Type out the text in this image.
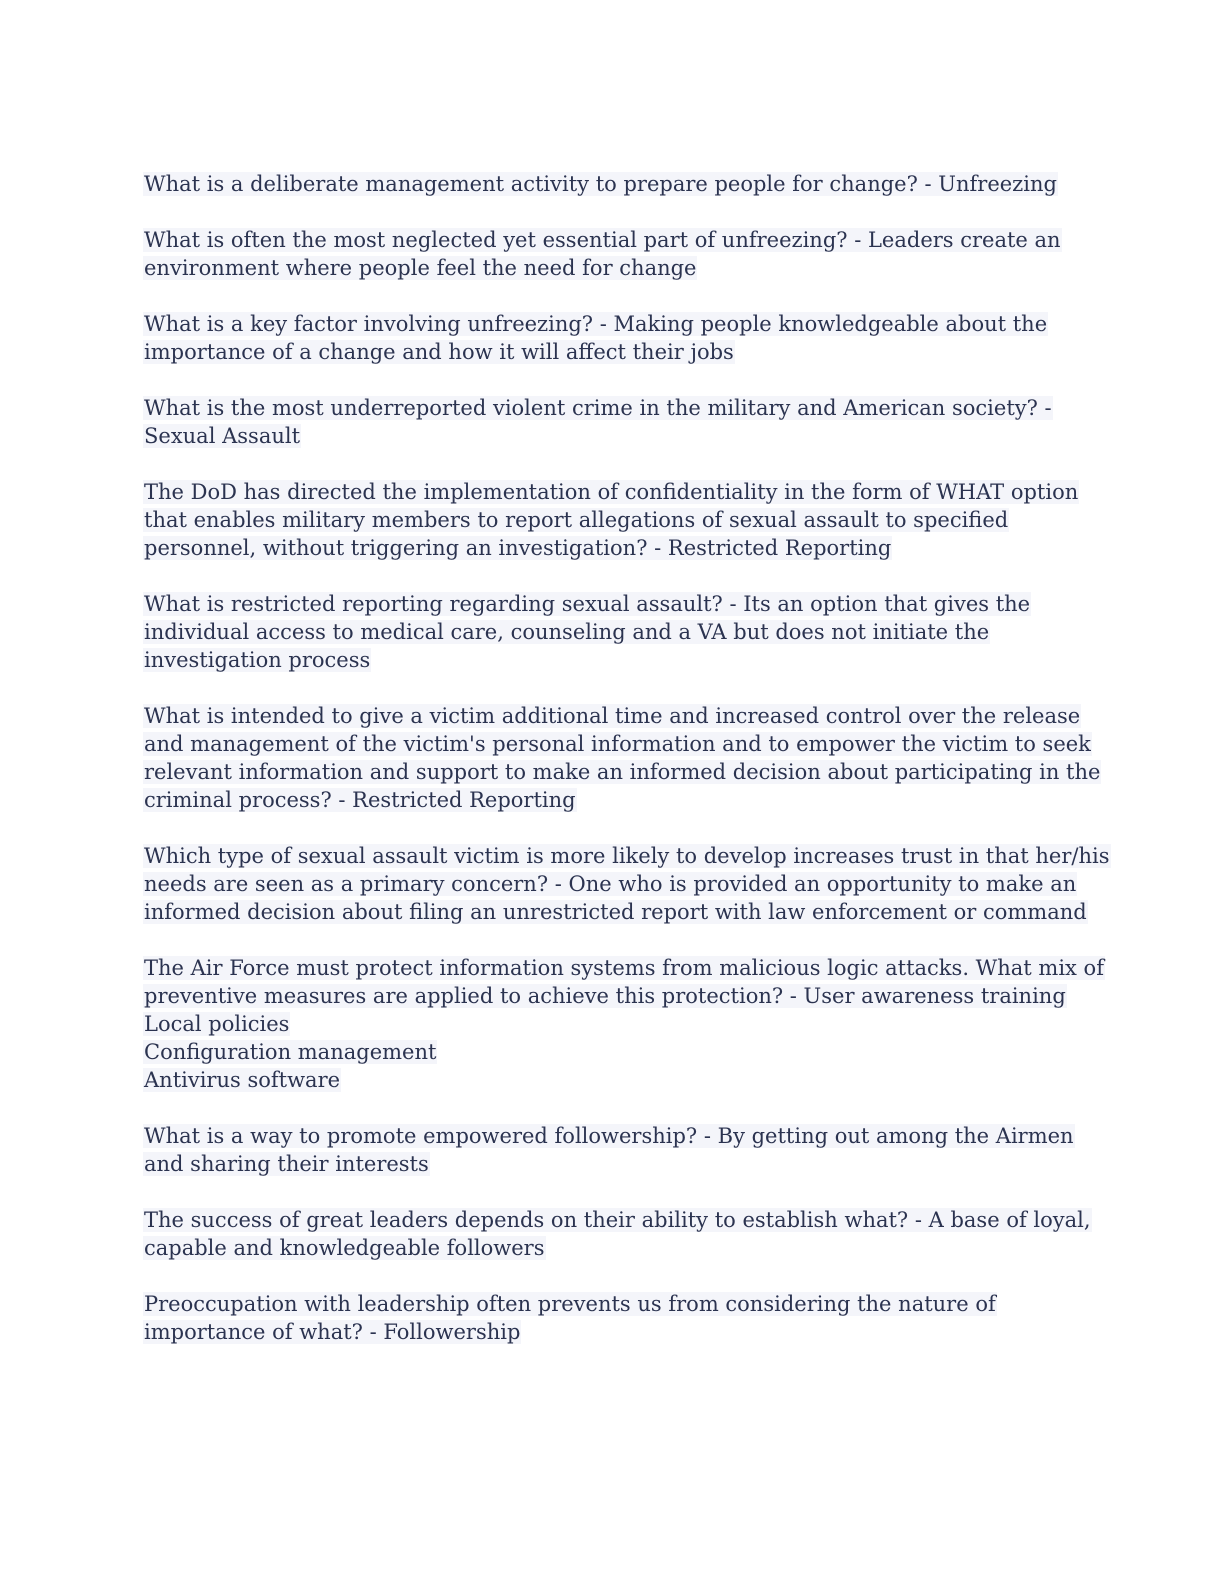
What is a deliberate management activity to prepare people for change? - Unfreezing
What is often the most neglected yet essential part of unfreezing? - Leaders create an
environment where people feel the need for change
What is a key factor involving unfreezing? - Making people knowledgeable about the
importance of a change and how it will affect their jobs
What is the most underreported violent crime in the military and American society? -
Sexual Assault
The DoD has directed the implementation of confidentiality in the form of WHAT option
that enables military members to report allegations of sexual assault to specified
personnel, without triggering an investigation? - Restricted Reporting
What is restricted reporting regarding sexual assault? - Its an option that gives the
individual access to medical care, counseling and a VA but does not initiate the
investigation process
What is intended to give a victim additional time and increased control over the release
and management of the victim's personal information and to empower the victim to seek
relevant information and support to make an informed decision about participating in the
criminal process? - Restricted Reporting
Which type of sexual assault victim is more likely to develop increases trust in that her/his
needs are seen as a primary concern? - One who is provided an opportunity to make an
informed decision about filing an unrestricted report with law enforcement or command
The Air Force must protect information systems from malicious logic attacks. What mix of
preventive measures are applied to achieve this protection? - User awareness training
Local policies
Configuration management
Antivirus software
What is a way to promote empowered followership? - By getting out among the Airmen
and sharing their interests
The success of great leaders depends on their ability to establish what? - A base of loyal,
capable and knowledgeable followers
Preoccupation with leadership often prevents us from considering the nature of
importance of what? - Followership
